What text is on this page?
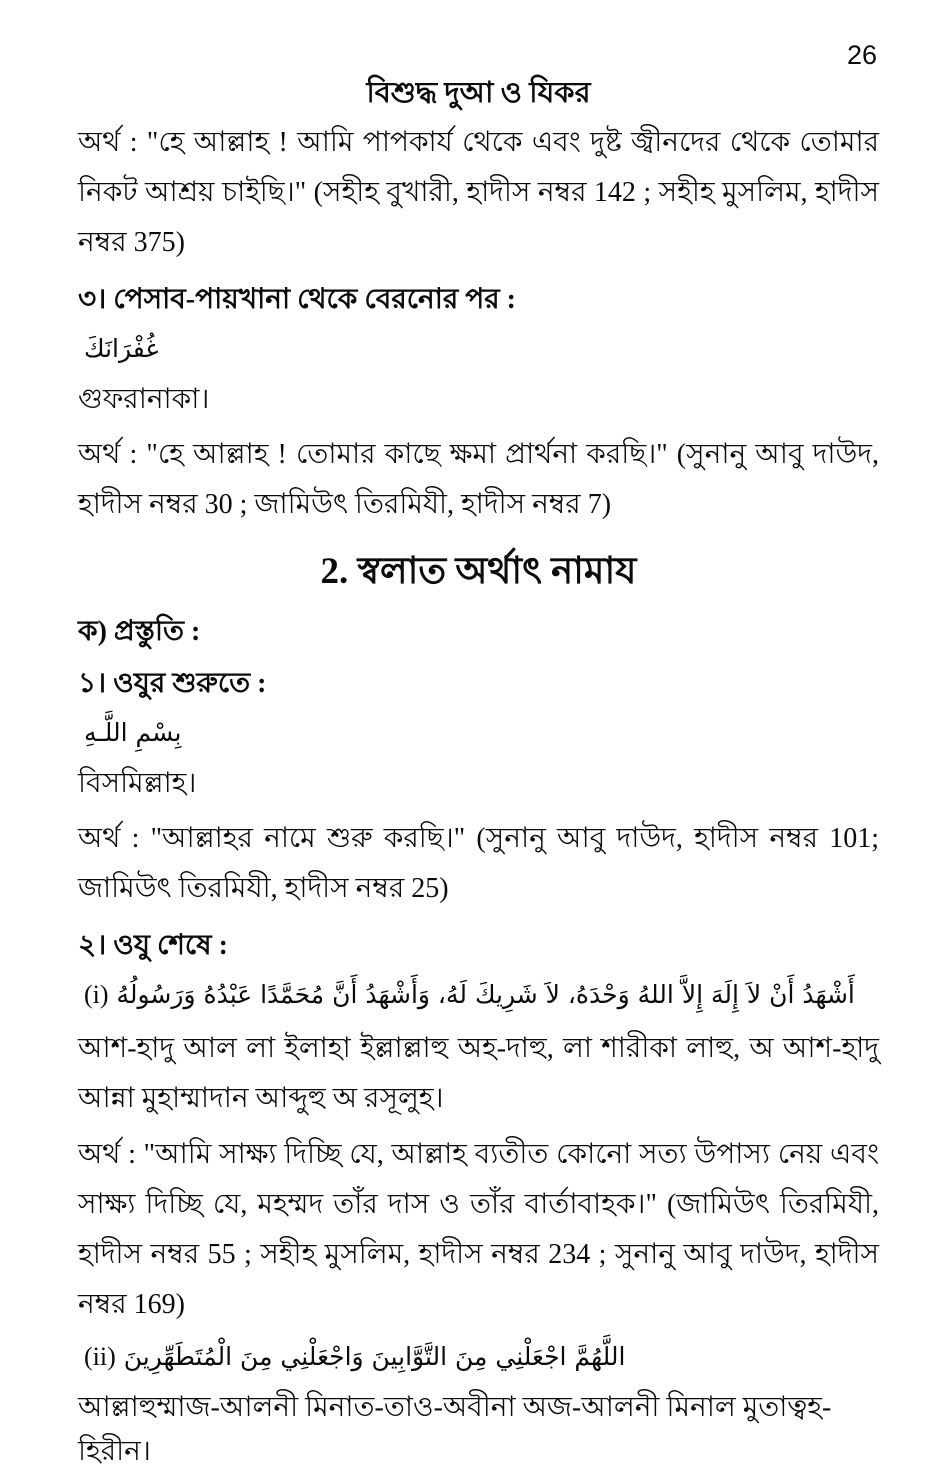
26
বিশুদ্ধ দুআ ও যিকর

অর্থ : "হে আল্লাহ ! আমি পাপকার্য থেকে এবং দুষ্ট জ্বীনদের থেকে তোমার নিকট আশ্রয় চাইছি।" (সহীহ বুখারী, হাদীস নম্বর 142 ; সহীহ মুসলিম, হাদীস নম্বর 375)

৩। পেসাব-পায়খানা থেকে বেরনোর পর :

غُفْرَانَكَ

গুফরানাকা।

অর্থ : "হে আল্লাহ ! তোমার কাছে ক্ষমা প্রার্থনা করছি।" (সুনানু আবু দাউদ, হাদীস নম্বর 30 ; জামিউৎ তিরমিযী, হাদীস নম্বর 7)

2. স্বলাত অর্থাৎ নামায

ক) প্রস্তুতি :

১। ওযুর শুরুতে :

بِسْمِ اللَّـهِ

বিসমিল্লাহ।

অর্থ : "আল্লাহর নামে শুরু করছি।" (সুনানু আবু দাউদ, হাদীস নম্বর 101; জামিউৎ তিরমিযী, হাদীস নম্বর 25)

২। ওযু শেষে :

(i) أَشْهَدُ أَنْ لاَ إِلَهَ إِلاَّ اللهُ وَحْدَهُ، لاَ شَرِيكَ لَهُ، وَأَشْهَدُ أَنَّ مُحَمَّدًا عَبْدُهُ وَرَسُولُهُ

আশ-হাদু আল লা ইলাহা ইল্লাল্লাহু অহ-দাহু, লা শারীকা লাহু, অ আশ-হাদু আন্না মুহাম্মাদান আব্দুহু অ রসূলুহ।

অর্থ : "আমি সাক্ষ্য দিচ্ছি যে, আল্লাহ ব্যতীত কোনো সত্য উপাস্য নেয় এবং সাক্ষ্য দিচ্ছি যে, মহম্মদ তাঁর দাস ও তাঁর বার্তাবাহক।" (জামিউৎ তিরমিযী, হাদীস নম্বর 55 ; সহীহ মুসলিম, হাদীস নম্বর 234 ; সুনানু আবু দাউদ, হাদীস নম্বর 169)

(ii) اللَّهُمَّ اجْعَلْنِي مِنَ التَّوَّابِينَ وَاجْعَلْنِي مِنَ الْمُتَطَهِّرِينَ

আল্লাহুম্মাজ-আলনী মিনাত-তাও-অবীনা অজ-আলনী মিনাল মুতাত্বহ-হিরীন।
